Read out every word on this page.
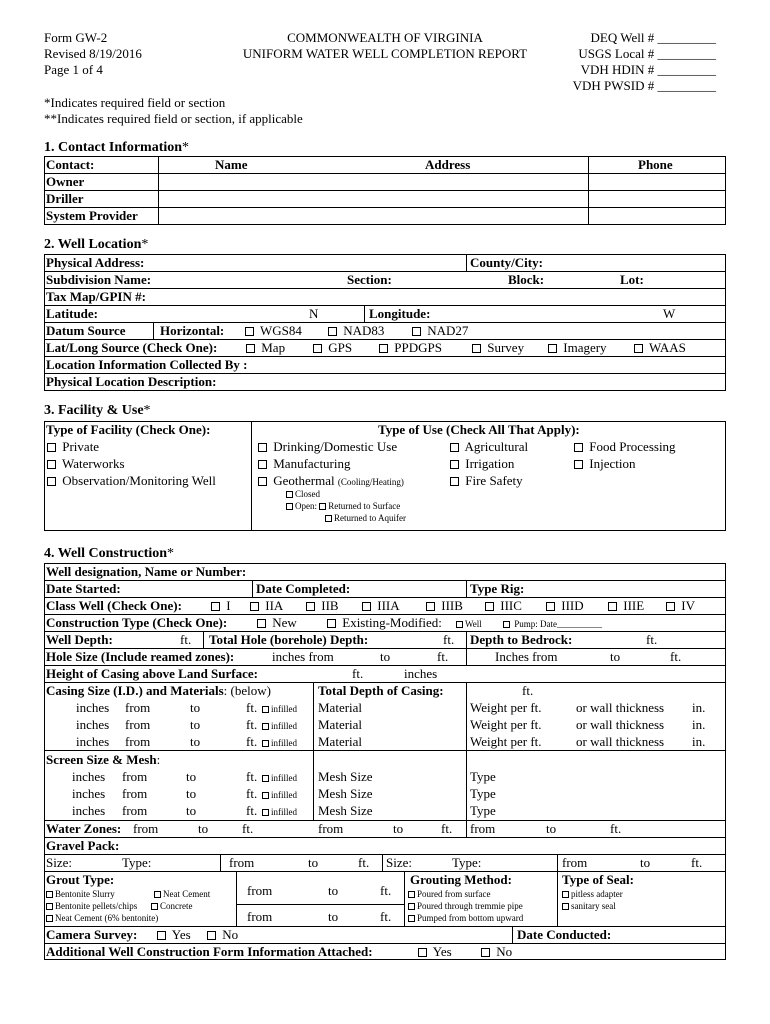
Form GW-2
Revised 8/19/2016
Page 1 of 4
COMMONWEALTH OF VIRGINIA
UNIFORM WATER WELL COMPLETION REPORT
DEQ Well # _________
USGS Local # _________
VDH HDIN # _________
VDH PWSID # _________
*Indicates required field or section
**Indicates required field or section, if applicable
1. Contact Information*
Contact:	Name	Address	Phone
Owner
Driller
System Provider
2. Well Location*
Physical Address:	County/City:
Subdivision Name:	Section:	Block:	Lot:
Tax Map/GPIN #:
Latitude:	N	Longitude:	W
Datum Source	Horizontal:	WGS84	NAD83	NAD27
Lat/Long Source (Check One):	Map	GPS	PPDGPS	Survey	Imagery	WAAS
Location Information Collected By :
Physical Location Description:
3. Facility & Use*
Type of Facility (Check One):	Type of Use (Check All That Apply):
Private
Waterworks
Observation/Monitoring Well
Drinking/Domestic Use
Manufacturing
Geothermal (Cooling/Heating)
Closed
Open: Returned to Surface
Returned to Aquifer
Agricultural
Irrigation
Fire Safety
Food Processing
Injection
4. Well Construction*
Well designation, Name or Number:
Date Started:	Date Completed:	Type Rig:
Class Well (Check One):	I	IIA	IIB	IIIA	IIIB	IIIC	IIID	IIIE	IV
Construction Type (Check One):	New	Existing-Modified:	Well	Pump: Date__________
Well Depth:	ft. Total Hole (borehole) Depth:	ft. Depth to Bedrock:	ft.
Hole Size (Include reamed zones):	inches from	to	ft.	Inches from	to	ft.
Height of Casing above Land Surface:	ft.	inches
Casing Size (I.D.) and Materials: (below)	Total Depth of Casing:	ft.
inches from	to	ft.	infilled Material	Weight per ft.	or wall thickness in.
inches from	to	ft.	infilled Material	Weight per ft.	or wall thickness in.
inches from	to	ft.	infilled Material	Weight per ft.	or wall thickness in.
Screen Size & Mesh:
inches from	to	ft.	infilled Mesh Size	Type
inches from	to	ft.	infilled Mesh Size	Type
inches from	to	ft.	infilled Mesh Size	Type
Water Zones: from	to	ft.	from	to	ft. from	to	ft.
Gravel Pack:
Size:	Type:	from	to	ft. Size:	Type:	from	to	ft.
Grout Type:
Bentonite Slurry	Neat Cement
Bentonite pellets/chips	Concrete
Neat Cement (6% bentonite)
from	to	ft.
from	to	ft.
Grouting Method:
Poured from surface
Poured through tremmie pipe
Pumped from bottom upward
Type of Seal:
pitless adapter
sanitary seal
Camera Survey:	Yes	No	Date Conducted:
Additional Well Construction Form Information Attached:	Yes	No
